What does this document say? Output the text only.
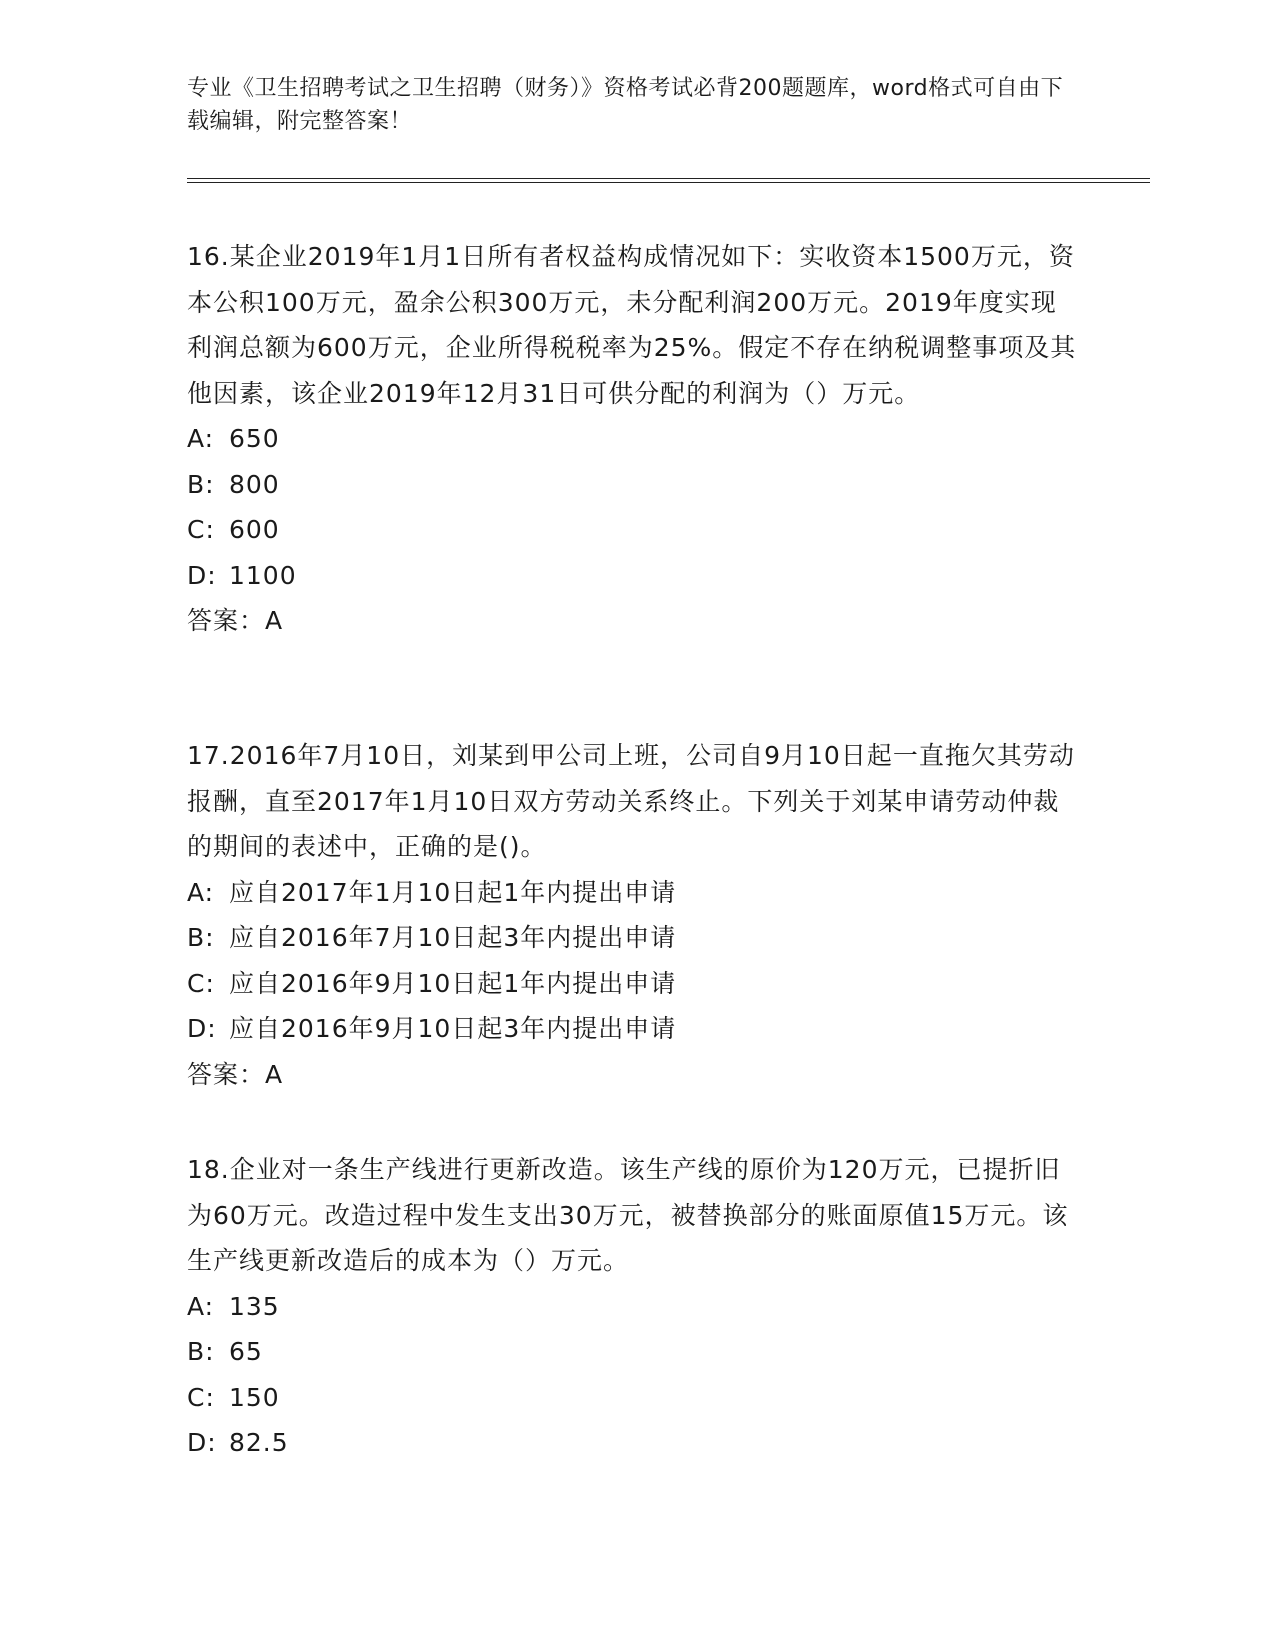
专业《卫生招聘考试之卫生招聘（财务）》资格考试必背200题题库，word格式可自由下载编辑，附完整答案！

16.某企业2019年1月1日所有者权益构成情况如下：实收资本1500万元，资本公积100万元，盈余公积300万元，未分配利润200万元。2019年度实现利润总额为600万元，企业所得税税率为25%。假定不存在纳税调整事项及其他因素，该企业2019年12月31日可供分配的利润为（）万元。

A: 650
B: 800
C: 600
D: 1100

答案：A

17.2016年7月10日，刘某到甲公司上班，公司自9月10日起一直拖欠其劳动报酬，直至2017年1月10日双方劳动关系终止。下列关于刘某申请劳动仲裁的期间的表述中，正确的是()。

A: 应自2017年1月10日起1年内提出申请
B: 应自2016年7月10日起3年内提出申请
C: 应自2016年9月10日起1年内提出申请
D: 应自2016年9月10日起3年内提出申请

答案：A

18.企业对一条生产线进行更新改造。该生产线的原价为120万元，已提折旧为60万元。改造过程中发生支出30万元，被替换部分的账面原值15万元。该生产线更新改造后的成本为（）万元。

A: 135
B: 65
C: 150
D: 82.5
